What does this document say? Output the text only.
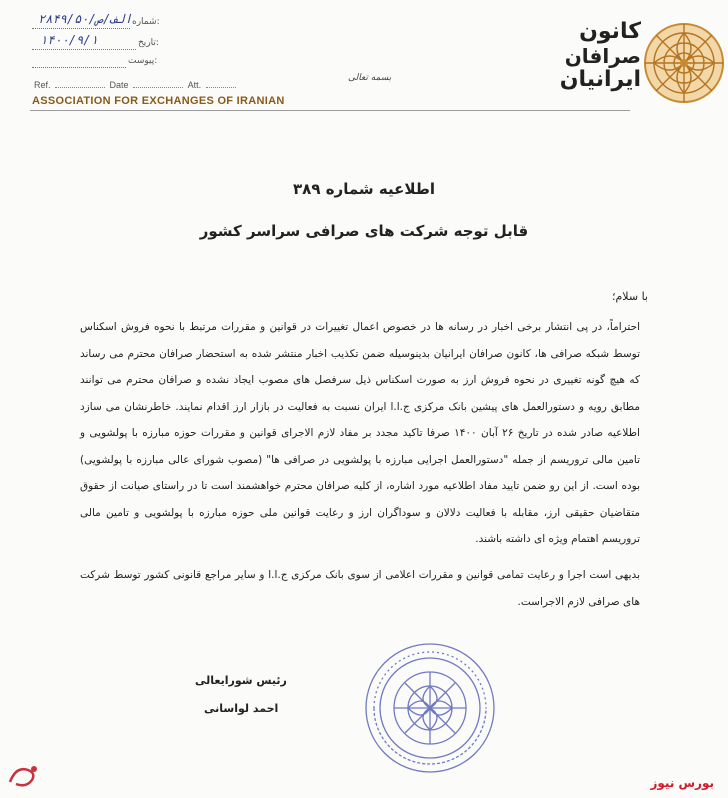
شماره:
۲۸۴۹/الف/ص/۵۰
تاریخ:
۱۴۰۰/۹/۱
پیوست:
Ref.	Date	Att.
ASSOCIATION FOR EXCHANGES OF IRANIAN
بسمه تعالی
کانون
صرافان
ایرانیان
اطلاعیه شماره ۳۸۹
قابل توجه شرکت های صرافی سراسر کشور
با سلام؛
احتراماً، در پی انتشار برخی اخبار در رسانه ها در خصوص اعمال تغییرات در قوانین و مقررات مرتبط با نحوه فروش اسکناس توسط شبکه صرافی ها، کانون صرافان ایرانیان بدینوسیله ضمن تکذیب اخبار منتشر شده به استحضار صرافان محترم می رساند که هیچ گونه تغییری در نحوه فروش ارز به صورت اسکناس ذیل سرفصل های مصوب ایجاد نشده و صرافان محترم می توانند مطابق رویه و دستورالعمل های پیشین بانک مرکزی ج.ا.ا ایران نسبت به فعالیت در بازار ارز اقدام نمایند. خاطرنشان می سازد اطلاعیه صادر شده در تاریخ ۲۶ آبان ۱۴۰۰ صرفا تاکید مجدد بر مفاد لازم الاجرای قوانین و مقررات حوزه مبارزه با پولشویی و تامین مالی تروریسم از جمله "دستورالعمل اجرایی مبارزه با پولشویی در صرافی ها" (مصوب شورای عالی مبارزه با پولشویی) بوده است. از این رو ضمن تایید مفاد اطلاعیه مورد اشاره، از کلیه صرافان محترم خواهشمند است تا در راستای صیانت از حقوق متقاضیان حقیقی ارز، مقابله با فعالیت دلالان و سوداگران ارز و رعایت قوانین ملی حوزه مبارزه با پولشویی و تامین مالی تروریسم اهتمام ویژه ای داشته باشند.
بدیهی است اجرا و رعایت تمامی قوانین و مقررات اعلامی از سوی بانک مرکزی ج.ا.ا و سایر مراجع قانونی کشور توسط شرکت های صرافی لازم الاجراست.
رئیس شورایعالی
احمد لواسانی
بورس نیوز
